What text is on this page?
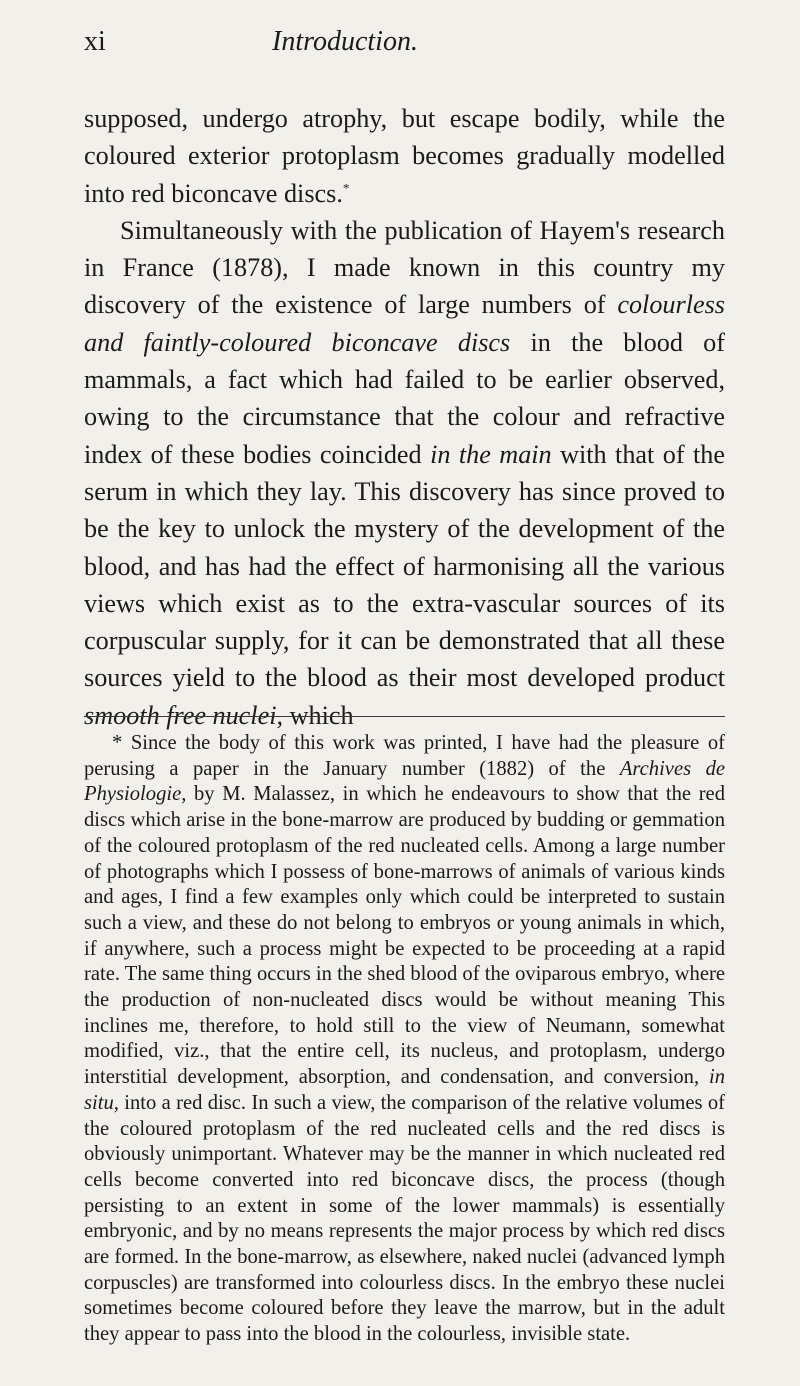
xi	Introduction.

supposed, undergo atrophy, but escape bodily, while the coloured exterior protoplasm becomes gradually modelled into red biconcave discs.*

Simultaneously with the publication of Hayem's research in France (1878), I made known in this country my discovery of the existence of large numbers of colourless and faintly-coloured biconcave discs in the blood of mammals, a fact which had failed to be earlier observed, owing to the circumstance that the colour and refractive index of these bodies coincided in the main with that of the serum in which they lay. This discovery has since proved to be the key to unlock the mystery of the development of the blood, and has had the effect of harmonising all the various views which exist as to the extra-vascular sources of its corpuscular supply, for it can be demonstrated that all these sources yield to the blood as their most developed product smooth free nuclei, which

* Since the body of this work was printed, I have had the pleasure of perusing a paper in the January number (1882) of the Archives de Physiologie, by M. Malassez, in which he endeavours to show that the red discs which arise in the bone-marrow are produced by budding or gemmation of the coloured protoplasm of the red nucleated cells. Among a large number of photographs which I possess of bone-marrows of animals of various kinds and ages, I find a few examples only which could be interpreted to sustain such a view, and these do not belong to embryos or young animals in which, if anywhere, such a process might be expected to be proceeding at a rapid rate. The same thing occurs in the shed blood of the oviparous embryo, where the production of non-nucleated discs would be without meaning This inclines me, therefore, to hold still to the view of Neumann, somewhat modified, viz., that the entire cell, its nucleus, and protoplasm, undergo interstitial development, absorption, and condensation, and conversion, in situ, into a red disc. In such a view, the comparison of the relative volumes of the coloured protoplasm of the red nucleated cells and the red discs is obviously unimportant. Whatever may be the manner in which nucleated red cells become converted into red biconcave discs, the process (though persisting to an extent in some of the lower mammals) is essentially embryonic, and by no means represents the major process by which red discs are formed. In the bone-marrow, as elsewhere, naked nuclei (advanced lymph corpuscles) are transformed into colourless discs. In the embryo these nuclei sometimes become coloured before they leave the marrow, but in the adult they appear to pass into the blood in the colourless, invisible state.
